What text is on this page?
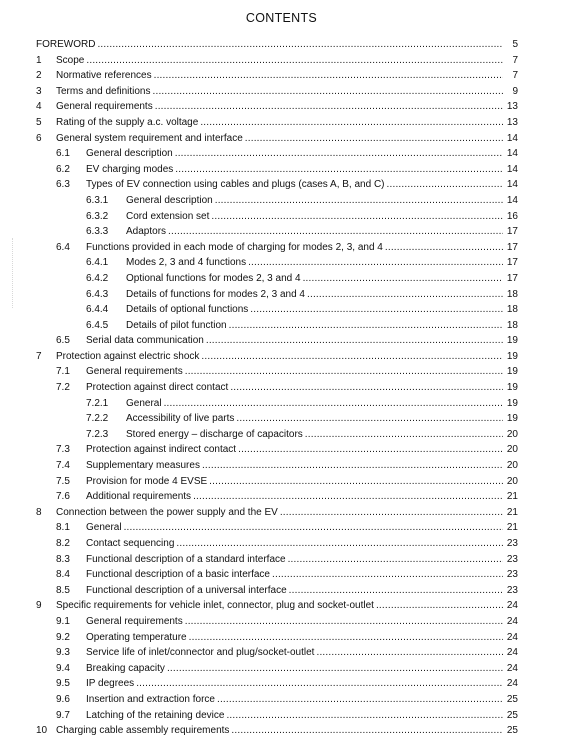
CONTENTS
FOREWORD .....	5
1 Scope .....	7
2 Normative references .....	7
3 Terms and definitions .....	9
4 General requirements .....	13
5 Rating of the supply a.c. voltage .....	13
6 General system requirement and interface .....	14
6.1 General description .....	14
6.2 EV charging modes .....	14
6.3 Types of EV connection using cables and plugs (cases A, B, and C) .....	14
6.3.1 General description .....	14
6.3.2 Cord extension set .....	16
6.3.3 Adaptors .....	17
6.4 Functions provided in each mode of charging for modes 2, 3, and 4 .....	17
6.4.1 Modes 2, 3 and 4 functions .....	17
6.4.2 Optional functions for modes 2, 3 and 4 .....	17
6.4.3 Details of functions for modes 2, 3 and 4 .....	18
6.4.4 Details of optional functions .....	18
6.4.5 Details of pilot function .....	18
6.5 Serial data communication .....	19
7 Protection against electric shock .....	19
7.1 General requirements .....	19
7.2 Protection against direct contact .....	19
7.2.1 General .....	19
7.2.2 Accessibility of live parts .....	19
7.2.3 Stored energy – discharge of capacitors .....	20
7.3 Protection against indirect contact .....	20
7.4 Supplementary measures .....	20
7.5 Provision for mode 4 EVSE .....	20
7.6 Additional requirements .....	21
8 Connection between the power supply and the EV .....	21
8.1 General .....	21
8.2 Contact sequencing .....	23
8.3 Functional description of a standard interface .....	23
8.4 Functional description of a basic interface .....	23
8.5 Functional description of a universal interface .....	23
9 Specific requirements for vehicle inlet, connector, plug and socket-outlet .....	24
9.1 General requirements .....	24
9.2 Operating temperature .....	24
9.3 Service life of inlet/connector and plug/socket-outlet .....	24
9.4 Breaking capacity .....	24
9.5 IP degrees .....	24
9.6 Insertion and extraction force .....	25
9.7 Latching of the retaining device .....	25
10 Charging cable assembly requirements .....	25
